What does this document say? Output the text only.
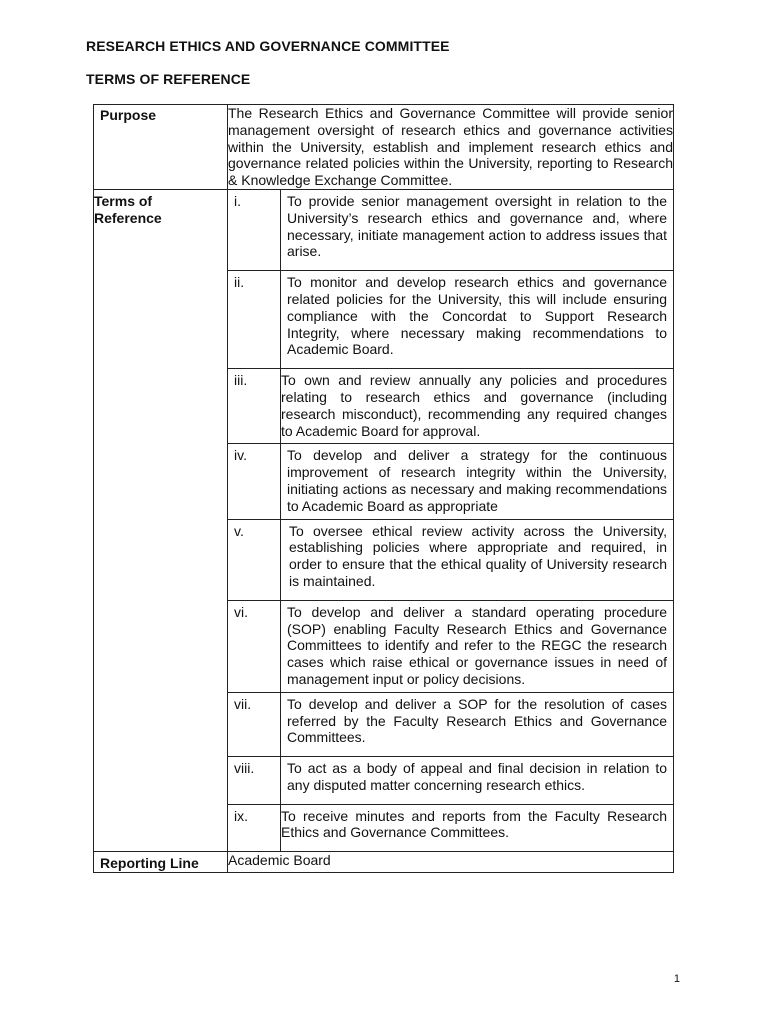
RESEARCH ETHICS AND GOVERNANCE COMMITTEE
TERMS OF REFERENCE
Purpose	The Research Ethics and Governance Committee will provide senior management oversight of research ethics and governance activities within the University, establish and implement research ethics and governance related policies within the University, reporting to Research & Knowledge Exchange Committee.
Terms of
Reference	
i.	To provide senior management oversight in relation to the University’s research ethics and governance and, where necessary, initiate management action to address issues that arise.
ii.	To monitor and develop research ethics and governance related policies for the University, this will include ensuring compliance with the Concordat to Support Research Integrity, where necessary making recommendations to Academic Board.
iii.	To own and review annually any policies and procedures relating to research ethics and governance (including research misconduct), recommending any required changes to Academic Board for approval.
iv.	To develop and deliver a strategy for the continuous improvement of research integrity within the University, initiating actions as necessary and making recommendations to Academic Board as appropriate
v.	To oversee ethical review activity across the University, establishing policies where appropriate and required, in order to ensure that the ethical quality of University research is maintained.
vi.	To develop and deliver a standard operating procedure (SOP) enabling Faculty Research Ethics and Governance Committees to identify and refer to the REGC the research cases which raise ethical or governance issues in need of management input or policy decisions.
vii.	To develop and deliver a SOP for the resolution of cases referred by the Faculty Research Ethics and Governance Committees.
viii.	To act as a body of appeal and final decision in relation to any disputed matter concerning research ethics.
ix.	To receive minutes and reports from the Faculty Research Ethics and Governance Committees.

Reporting Line	Academic Board
1
